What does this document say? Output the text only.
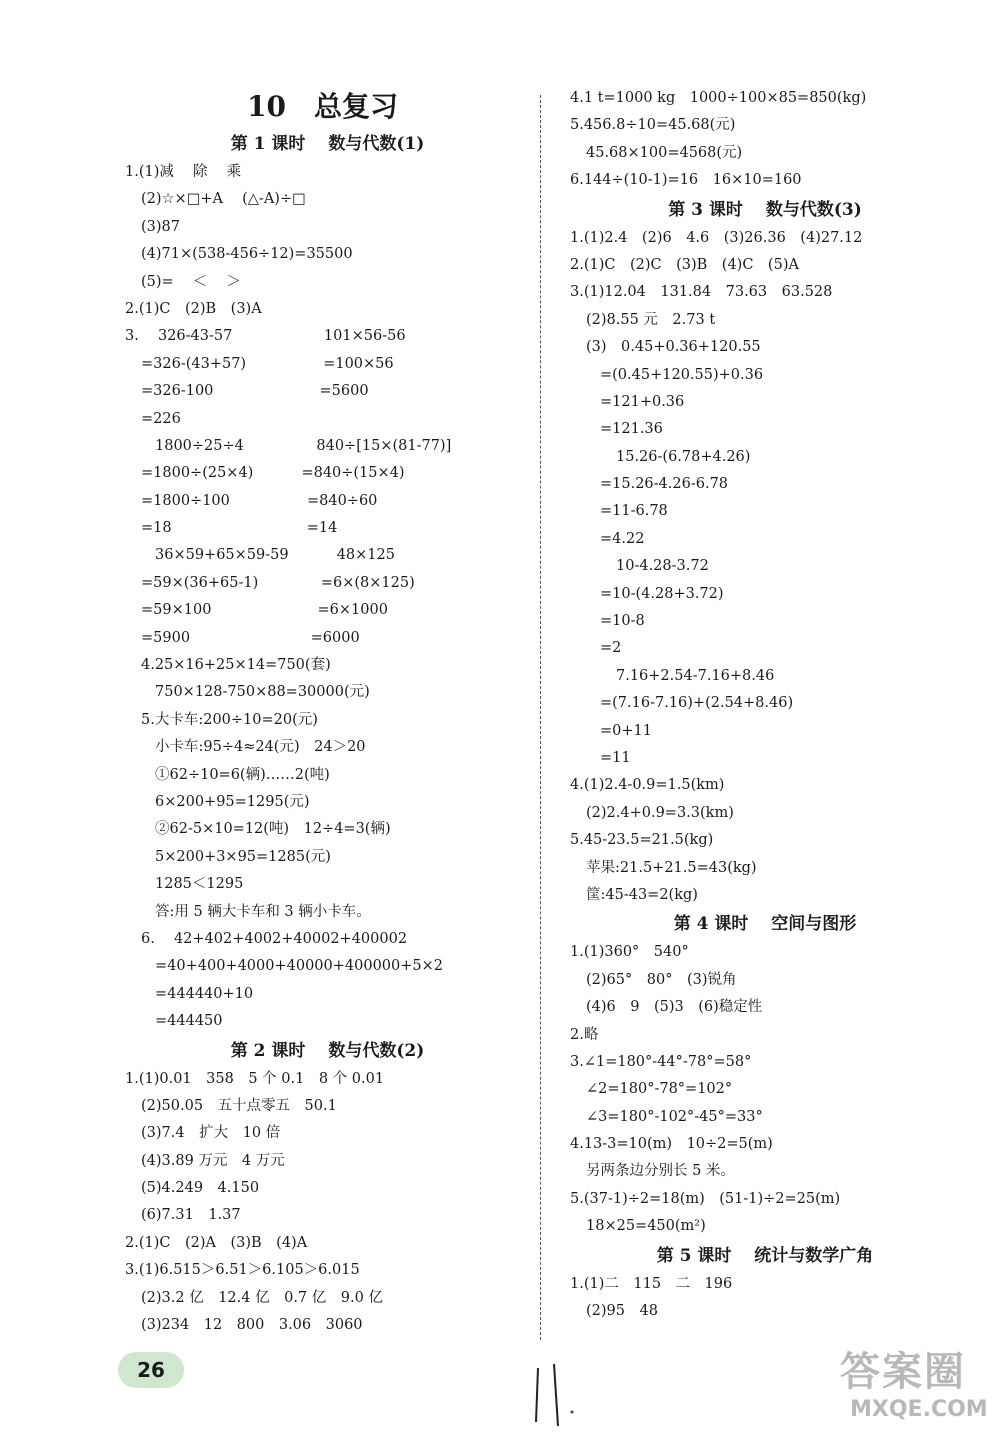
10　总复习
第 1 课时　 数与代数(1)
1.(1)减　 除　 乘
(2)☆×□+A　 (△-A)÷□
(3)87
(4)71×(538-456÷12)=35500
(5)=　 ＜　 ＞
2.(1)C　(2)B　(3)A
3.　 326-43-57　　　　　　 101×56-56
=326-(43+57)　　　　　 =100×56
=326-100　　　　　　　 =5600
=226
1800÷25÷4　　　　　840÷[15×(81-77)]
=1800÷(25×4)　　　 =840÷(15×4)
=1800÷100　　　　　 =840÷60
=18　　　　　　　　　 =14
36×59+65×59-59　　　 48×125
=59×(36+65-1)　　　　 =6×(8×125)
=59×100　　　　　　　 =6×1000
=5900　　　　　　　　 =6000
4.25×16+25×14=750(套)
750×128-750×88=30000(元)
5.大卡车:200÷10=20(元)
小卡车:95÷4≈24(元)　24＞20
①62÷10=6(辆)……2(吨)
6×200+95=1295(元)
②62-5×10=12(吨)　12÷4=3(辆)
5×200+3×95=1285(元)
1285＜1295
答:用 5 辆大卡车和 3 辆小卡车。
6.　 42+402+4002+40002+400002
=40+400+4000+40000+400000+5×2
=444440+10
=444450
第 2 课时　 数与代数(2)
1.(1)0.01　358　5 个 0.1　8 个 0.01
(2)50.05　五十点零五　50.1
(3)7.4　扩大　10 倍
(4)3.89 万元　4 万元
(5)4.249　4.150
(6)7.31　1.37
2.(1)C　(2)A　(3)B　(4)A
3.(1)6.515＞6.51＞6.105＞6.015
(2)3.2 亿　12.4 亿　0.7 亿　9.0 亿
(3)234　12　800　3.06　3060
4.1 t=1000 kg　1000÷100×85=850(kg)
5.456.8÷10=45.68(元)
45.68×100=4568(元)
6.144÷(10-1)=16　16×10=160
第 3 课时　 数与代数(3)
1.(1)2.4　(2)6　4.6　(3)26.36　(4)27.12
2.(1)C　(2)C　(3)B　(4)C　(5)A
3.(1)12.04　131.84　73.63　63.528
(2)8.55 元　2.73 t
(3)　0.45+0.36+120.55
=(0.45+120.55)+0.36
=121+0.36
=121.36
15.26-(6.78+4.26)
=15.26-4.26-6.78
=11-6.78
=4.22
10-4.28-3.72
=10-(4.28+3.72)
=10-8
=2
7.16+2.54-7.16+8.46
=(7.16-7.16)+(2.54+8.46)
=0+11
=11
4.(1)2.4-0.9=1.5(km)
(2)2.4+0.9=3.3(km)
5.45-23.5=21.5(kg)
苹果:21.5+21.5=43(kg)
筐:45-43=2(kg)
第 4 课时　 空间与图形
1.(1)360°　540°
(2)65°　80°　(3)锐角
(4)6　9　(5)3　(6)稳定性
2.略
3.∠1=180°-44°-78°=58°
∠2=180°-78°=102°
∠3=180°-102°-45°=33°
4.13-3=10(m)　10÷2=5(m)
另两条边分别长 5 米。
5.(37-1)÷2=18(m)　(51-1)÷2=25(m)
18×25=450(m²)
第 5 课时　 统计与数学广角
1.(1)二　115　二　196
(2)95　48
26	答案圈
MXQE.COM
